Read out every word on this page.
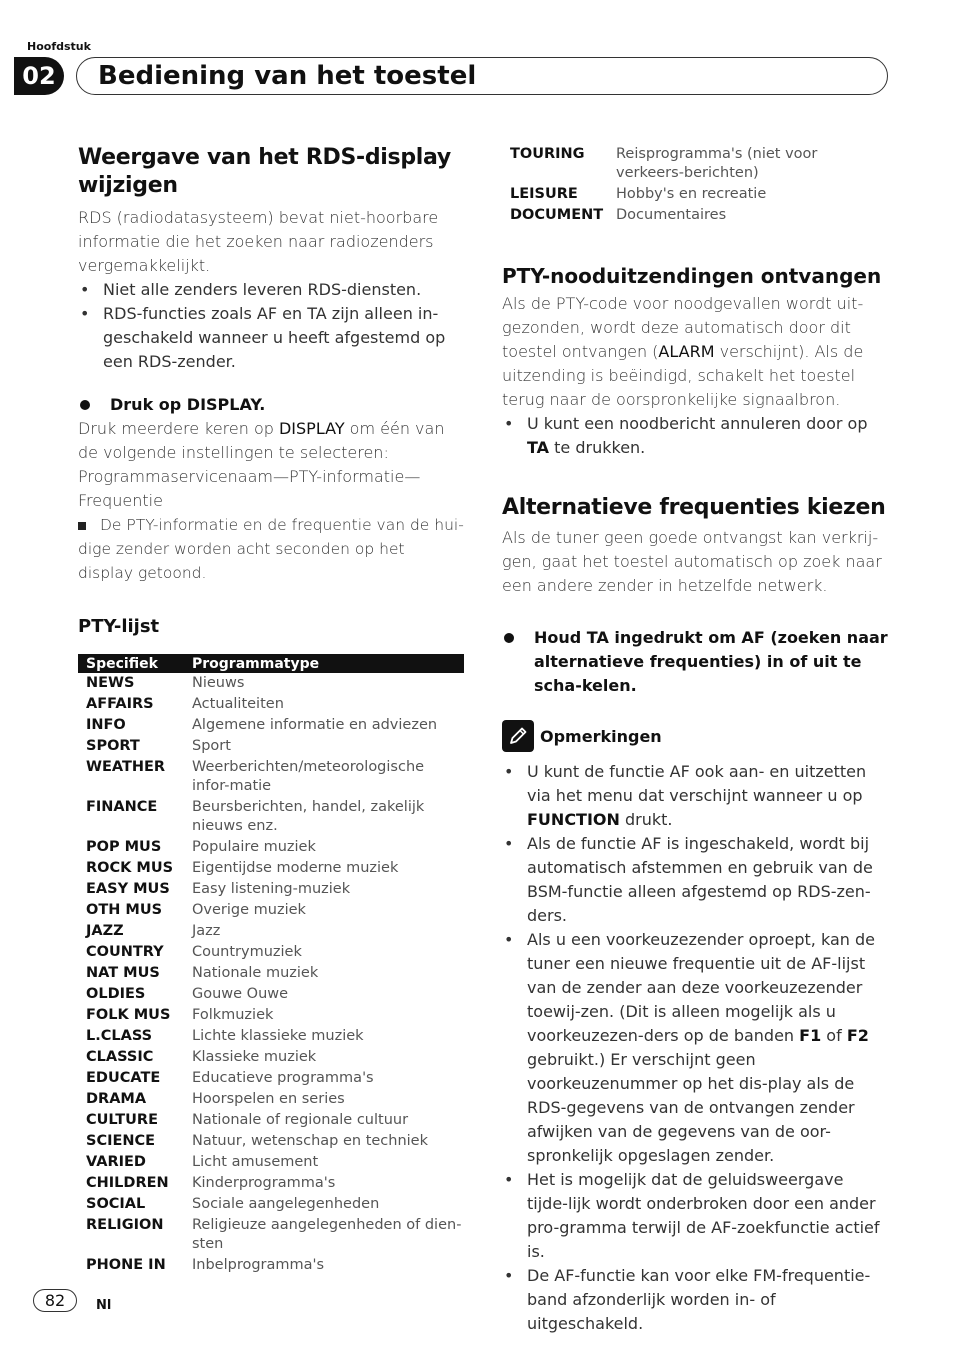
Hoofdstuk
02	Bediening van het toestel
Weergave van het RDS-display wijzigen

RDS (radiodatasysteem) bevat niet-hoorbare informatie die het zoeken naar radiozenders vergemakkelijkt.

• Niet alle zenders leveren RDS-diensten.
• RDS-functies zoals AF en TA zijn alleen in-geschakeld wanneer u heeft afgestemd op een RDS-zender.
Druk op DISPLAY.

Druk meerdere keren op DISPLAY om één van de volgende instellingen te selecteren: Programmaservicenaam—PTY-informatie—Frequentie

De PTY-informatie en de frequentie van de hui-dige zender worden acht seconden op het display getoond.

PTY-lijst
Specifiek	Programmatype
NEWS	Nieuws
AFFAIRS	Actualiteiten
INFO	Algemene informatie en adviezen
SPORT	Sport
WEATHER	Weerberichten/meteorologische infor-matie
FINANCE	Beursberichten, handel, zakelijk nieuws enz.
POP MUS	Populaire muziek
ROCK MUS	Eigentijdse moderne muziek
EASY MUS	Easy listening-muziek
OTH MUS	Overige muziek
JAZZ	Jazz
COUNTRY	Countrymuziek
NAT MUS	Nationale muziek
OLDIES	Gouwe Ouwe
FOLK MUS	Folkmuziek
L.CLASS	Lichte klassieke muziek
CLASSIC	Klassieke muziek
EDUCATE	Educatieve programma's
DRAMA	Hoorspelen en series
CULTURE	Nationale of regionale cultuur
SCIENCE	Natuur, wetenschap en techniek
VARIED	Licht amusement
CHILDREN	Kinderprogramma's
SOCIAL	Sociale aangelegenheden
RELIGION	Religieuze aangelegenheden of dien-sten
PHONE IN	Inbelprogramma's
TOURING	Reisprogramma's (niet voor verkeers-berichten)
LEISURE	Hobby's en recreatie
DOCUMENT	Documentaires
PTY-nooduitzendingen ontvangen

Als de PTY-code voor noodgevallen wordt uit-gezonden, wordt deze automatisch door dit toestel ontvangen (ALARM verschijnt). Als de uitzending is beëindigd, schakelt het toestel terug naar de oorspronkelijke signaalbron.

• U kunt een noodbericht annuleren door op TA te drukken.
Alternatieve frequenties kiezen

Als de tuner geen goede ontvangst kan verkrij-gen, gaat het toestel automatisch op zoek naar een andere zender in hetzelfde netwerk.

Houd TA ingedrukt om AF (zoeken naar alternatieve frequenties) in of uit te scha-kelen.
Opmerkingen
• U kunt de functie AF ook aan- en uitzetten via het menu dat verschijnt wanneer u op FUNCTION drukt.
• Als de functie AF is ingeschakeld, wordt bij automatisch afstemmen en gebruik van de BSM-functie alleen afgestemd op RDS-zen-ders.
• Als u een voorkeuzezender oproept, kan de tuner een nieuwe frequentie uit de AF-lijst van de zender aan deze voorkeuzezender toewij-zen. (Dit is alleen mogelijk als u voorkeuzezen-ders op de banden F1 of F2 gebruikt.) Er verschijnt geen voorkeuzenummer op het dis-play als de RDS-gegevens van de ontvangen zender afwijken van de gegevens van de oor-spronkelijk opgeslagen zender.
• Het is mogelijk dat de geluidsweergave tijde-lijk wordt onderbroken door een ander pro-gramma terwijl de AF-zoekfunctie actief is.
• De AF-functie kan voor elke FM-frequentie-band afzonderlijk worden in- of uitgeschakeld.
82	Nl
